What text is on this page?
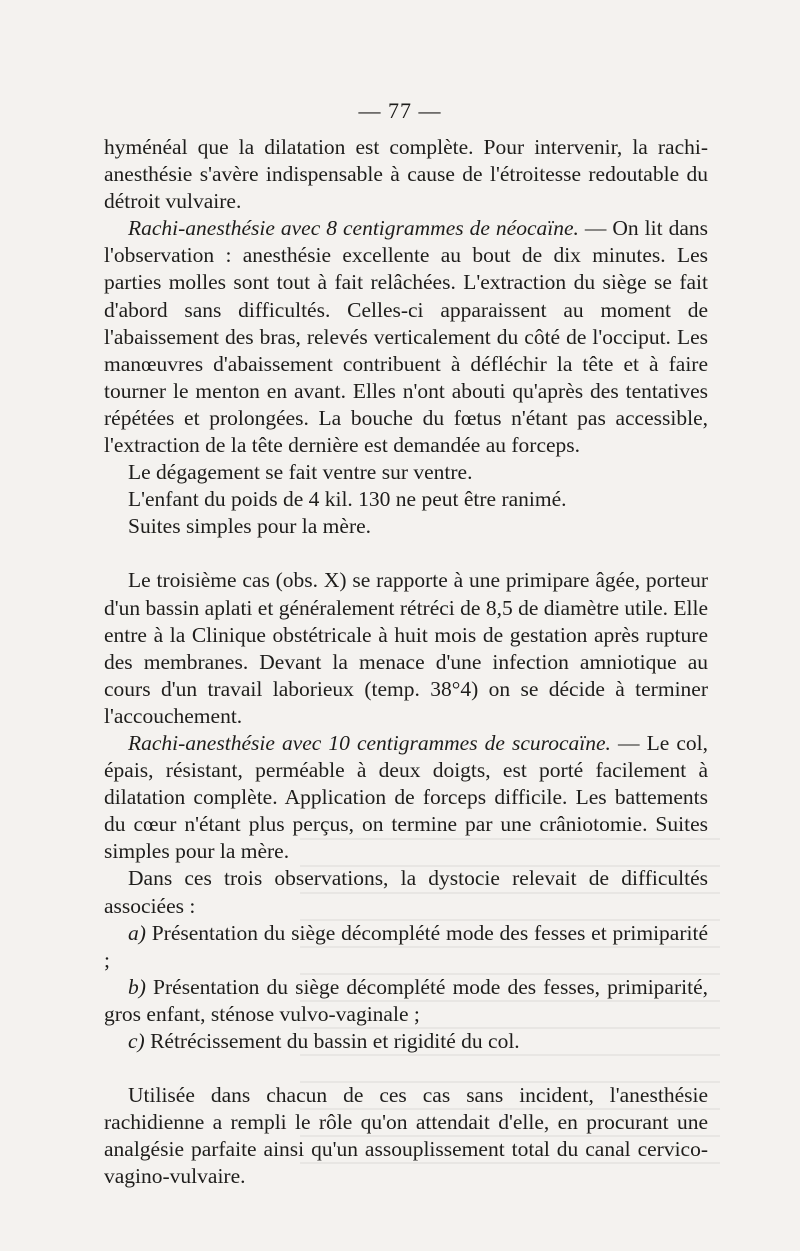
— 77 —

hyménéal que la dilatation est complète. Pour intervenir, la rachi-anesthésie s'avère indispensable à cause de l'étroitesse redoutable du détroit vulvaire.

Rachi-anesthésie avec 8 centigrammes de néocaïne. — On lit dans l'observation : anesthésie excellente au bout de dix minutes. Les parties molles sont tout à fait relâchées. L'extraction du siège se fait d'abord sans difficultés. Celles-ci apparaissent au moment de l'abaissement des bras, relevés verticalement du côté de l'occiput. Les manœuvres d'abaissement contribuent à défléchir la tête et à faire tourner le menton en avant. Elles n'ont abouti qu'après des tentatives répétées et prolongées. La bouche du fœtus n'étant pas accessible, l'extraction de la tête dernière est demandée au forceps.

Le dégagement se fait ventre sur ventre.

L'enfant du poids de 4 kil. 130 ne peut être ranimé.

Suites simples pour la mère.

Le troisième cas (obs. X) se rapporte à une primipare âgée, porteur d'un bassin aplati et généralement rétréci de 8,5 de diamètre utile. Elle entre à la Clinique obstétricale à huit mois de gestation après rupture des membranes. Devant la menace d'une infection amniotique au cours d'un travail laborieux (temp. 38°4) on se décide à terminer l'accouchement.

Rachi-anesthésie avec 10 centigrammes de scurocaïne. — Le col, épais, résistant, perméable à deux doigts, est porté facilement à dilatation complète. Application de forceps difficile. Les battements du cœur n'étant plus perçus, on termine par une crâniotomie. Suites simples pour la mère.

Dans ces trois observations, la dystocie relevait de difficultés associées :

a) Présentation du siège décomplété mode des fesses et primiparité ;

b) Présentation du siège décomplété mode des fesses, primiparité, gros enfant, sténose vulvo-vaginale ;

c) Rétrécissement du bassin et rigidité du col.

Utilisée dans chacun de ces cas sans incident, l'anesthésie rachidienne a rempli le rôle qu'on attendait d'elle, en procurant une analgésie parfaite ainsi qu'un assouplissement total du canal cervico-vagino-vulvaire.
